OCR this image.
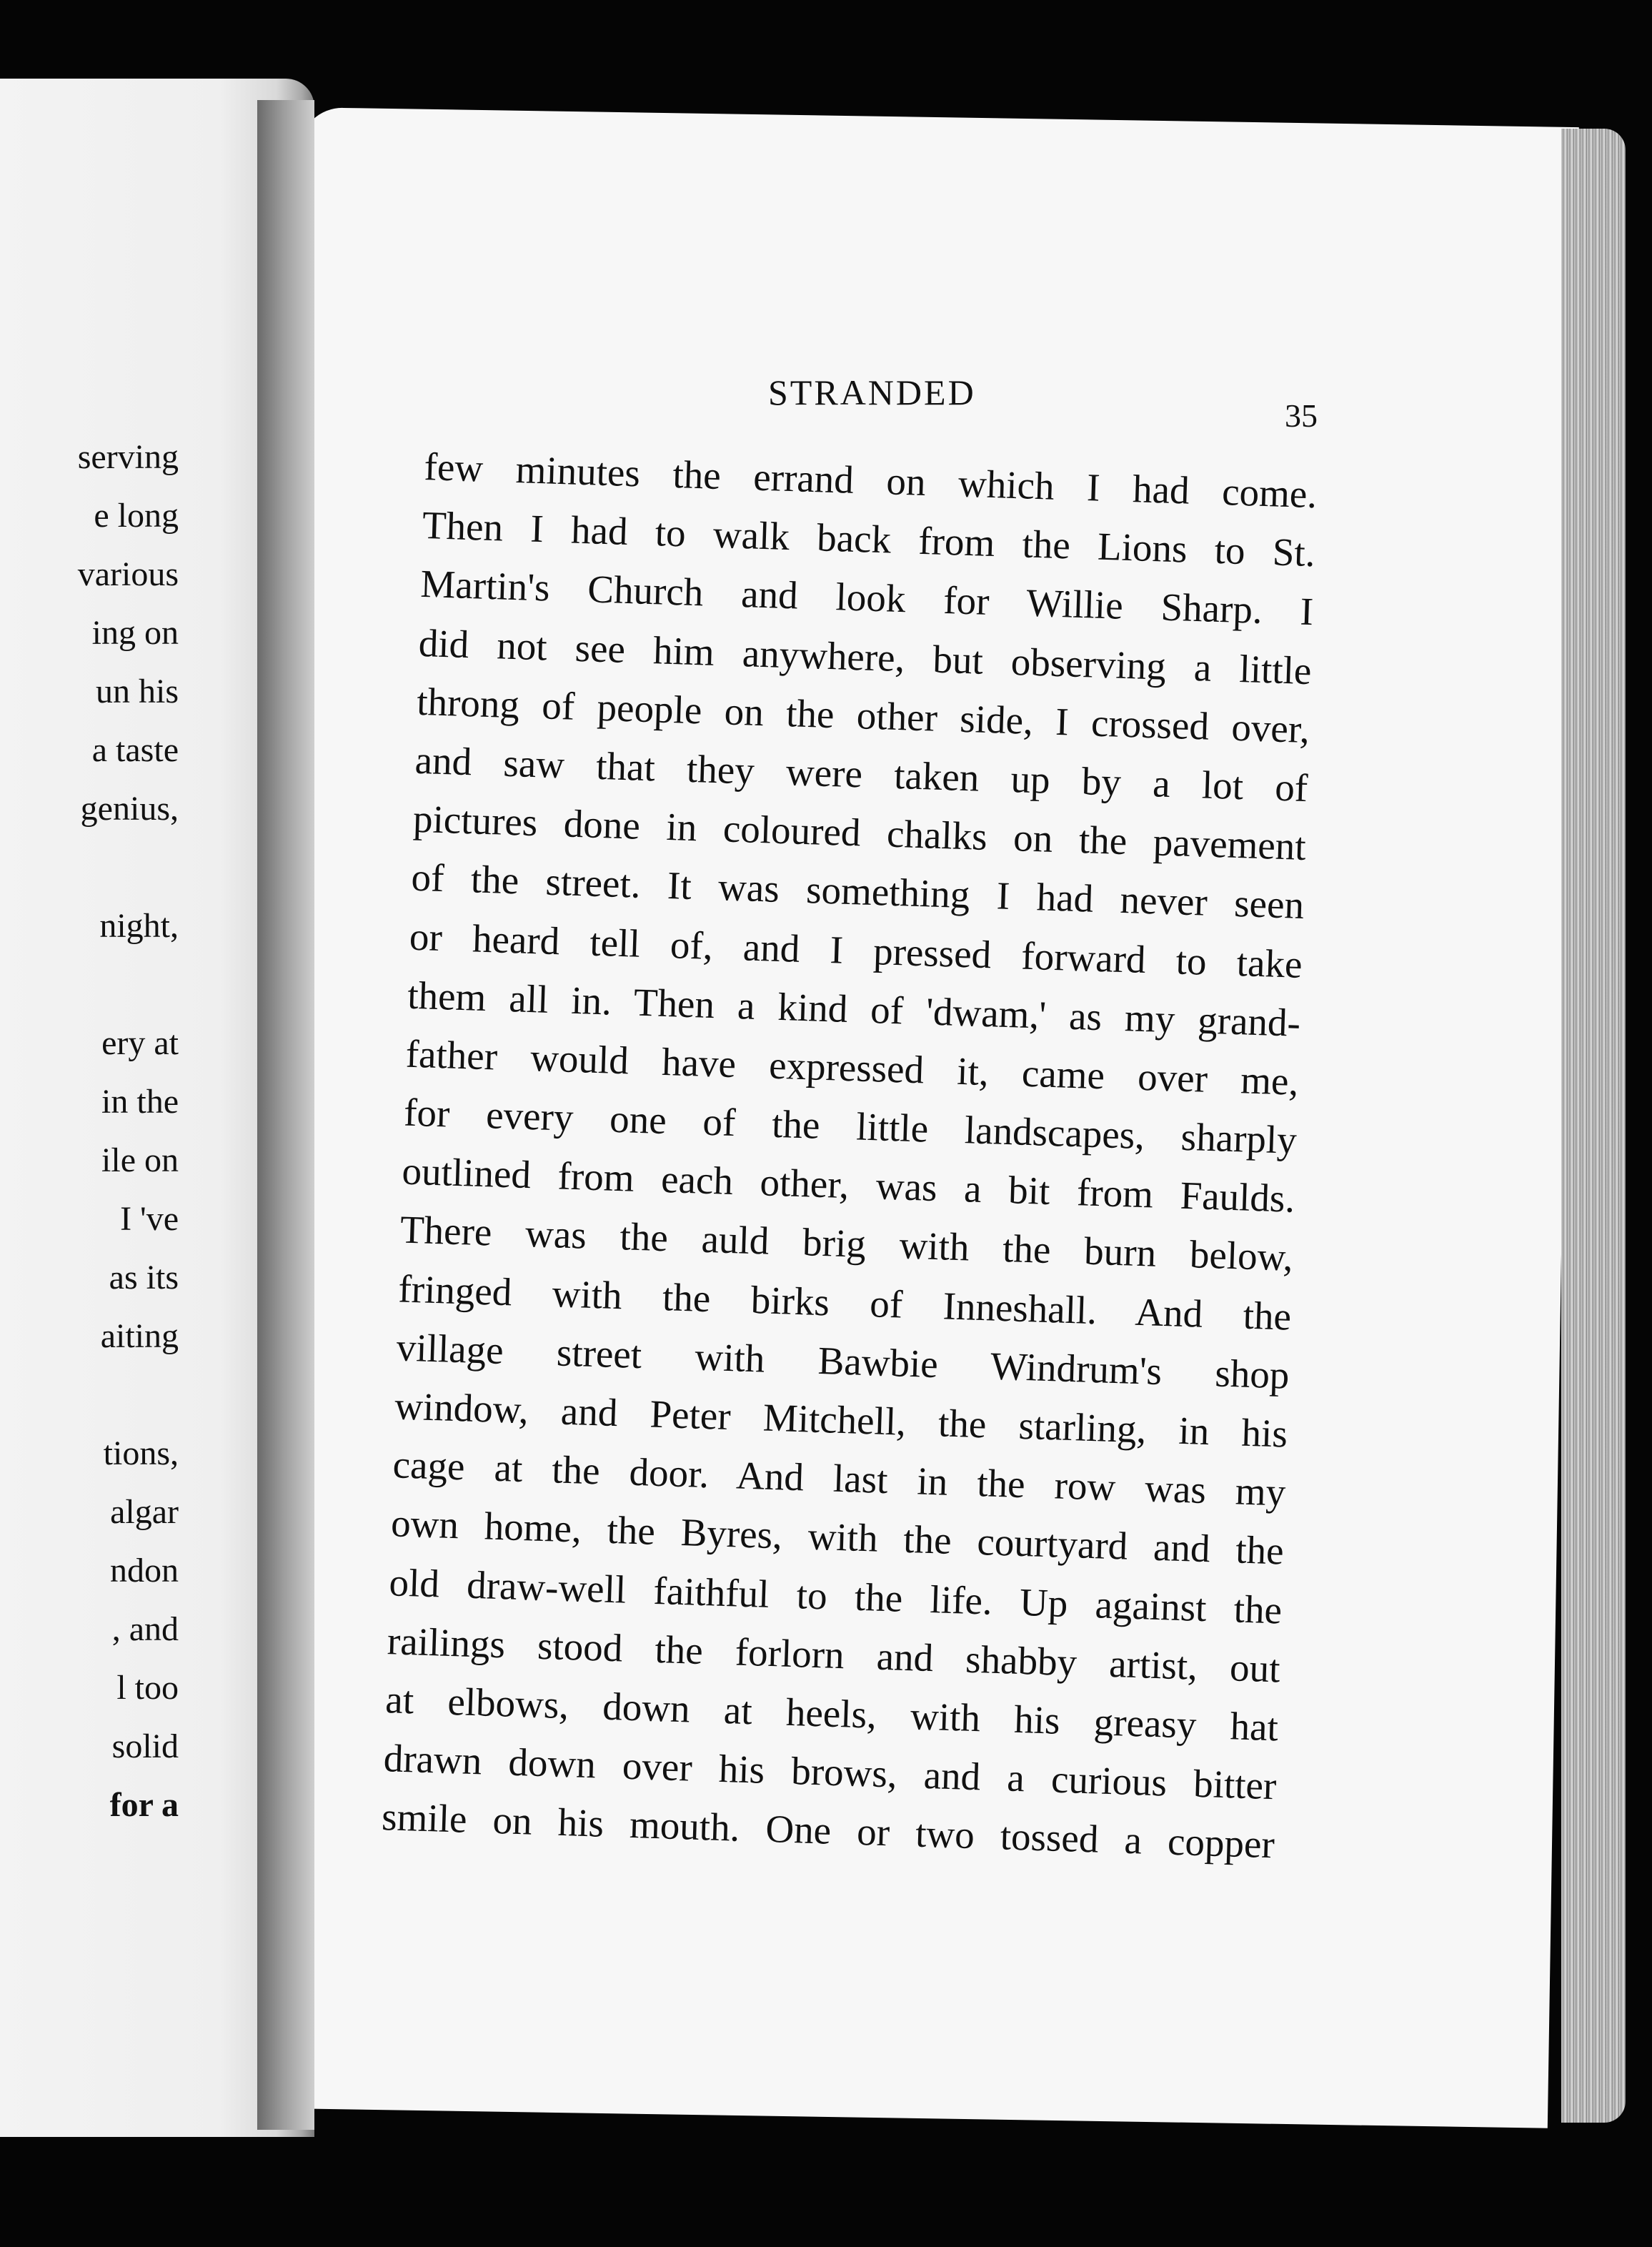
serving
e long
various
ing on
un his
a taste
genius,
night,
ery at
in the
ile on
I 've
as its
aiting
tions,
algar
ndon
, and
l too
solid
for a
STRANDED
35
few minutes the errand on which I had come.
Then I had to walk back from the Lions to St.
Martin's Church and look for Willie Sharp. I
did not see him anywhere, but observing a little
throng of people on the other side, I crossed over,
and saw that they were taken up by a lot of
pictures done in coloured chalks on the pavement
of the street. It was something I had never seen
or heard tell of, and I pressed forward to take
them all in. Then a kind of 'dwam,' as my grand-
father would have expressed it, came over me,
for every one of the little landscapes, sharply
outlined from each other, was a bit from Faulds.
There was the auld brig with the burn below,
fringed with the birks of Inneshall. And the
village street with Bawbie Windrum's shop
window, and Peter Mitchell, the starling, in his
cage at the door. And last in the row was my
own home, the Byres, with the courtyard and the
old draw-well faithful to the life. Up against the
railings stood the forlorn and shabby artist, out
at elbows, down at heels, with his greasy hat
drawn down over his brows, and a curious bitter
smile on his mouth. One or two tossed a copper
